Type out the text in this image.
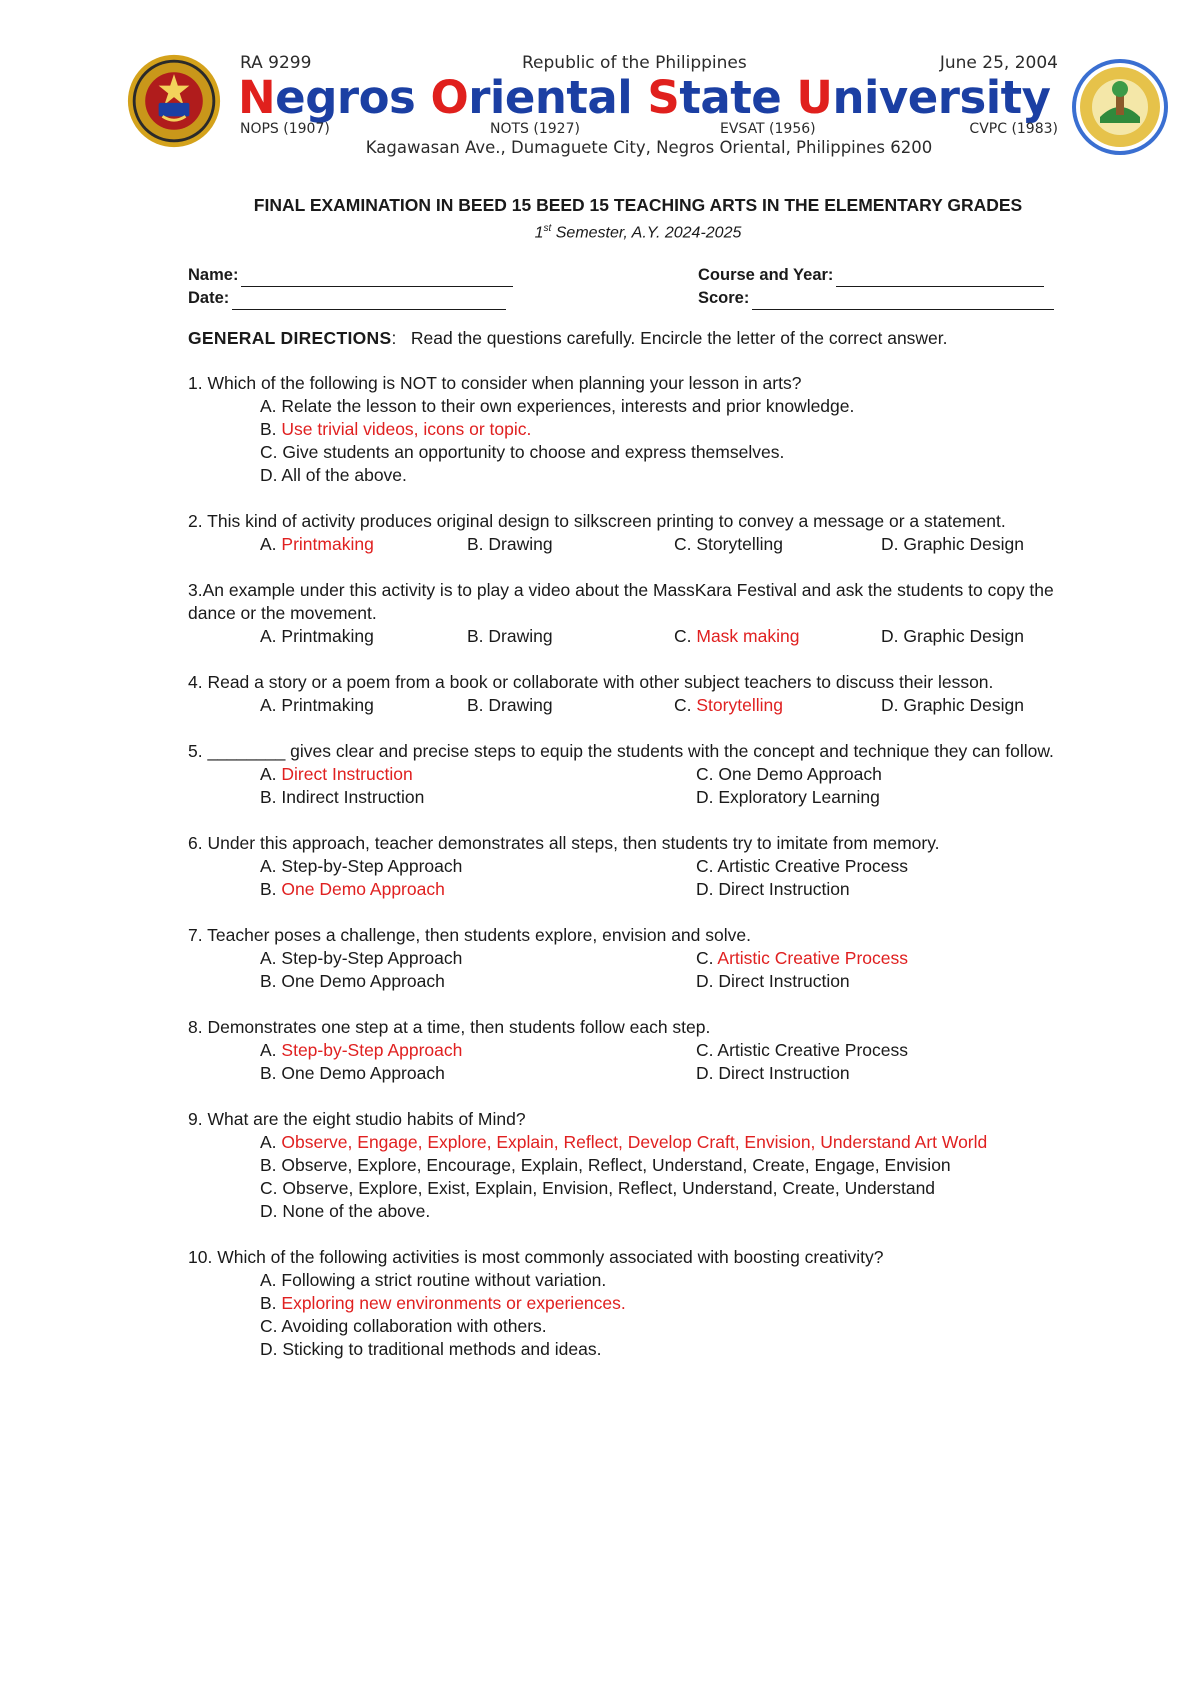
RA 9299	Republic of the Philippines	June 25, 2004
Negros Oriental State University
NOPS (1907)	NOTS (1927)	EVSAT (1956)	CVPC (1983)
Kagawasan Ave., Dumaguete City, Negros Oriental, Philippines 6200

FINAL EXAMINATION IN BEED 15 BEED 15 TEACHING ARTS IN THE ELEMENTARY GRADES

1st Semester, A.Y. 2024-2025

Name:
Date:
Course and Year:
Score:

GENERAL DIRECTIONS: Read the questions carefully. Encircle the letter of the correct answer.

1. Which of the following is NOT to consider when planning your lesson in arts?

A. Relate the lesson to their own experiences, interests and prior knowledge.

B. Use trivial videos, icons or topic.

C. Give students an opportunity to choose and express themselves.

D. All of the above.

2. This kind of activity produces original design to silkscreen printing to convey a message or a statement.

A. Printmaking	B. Drawing	C. Storytelling	D. Graphic Design

3.An example under this activity is to play a video about the MassKara Festival and ask the students to copy the dance or the movement.

A. Printmaking	B. Drawing	C. Mask making	D. Graphic Design

4. Read a story or a poem from a book or collaborate with other subject teachers to discuss their lesson.

A. Printmaking	B. Drawing	C. Storytelling	D. Graphic Design

5. ________ gives clear and precise steps to equip the students with the concept and technique they can follow.

A. Direct Instruction	C. One Demo Approach
B. Indirect Instruction	D. Exploratory Learning

6. Under this approach, teacher demonstrates all steps, then students try to imitate from memory.

A. Step-by-Step Approach	C. Artistic Creative Process
B. One Demo Approach	D. Direct Instruction

7. Teacher poses a challenge, then students explore, envision and solve.

A. Step-by-Step Approach	C. Artistic Creative Process
B. One Demo Approach	D. Direct Instruction

8. Demonstrates one step at a time, then students follow each step.

A. Step-by-Step Approach	C. Artistic Creative Process
B. One Demo Approach	D. Direct Instruction

9. What are the eight studio habits of Mind?

A. Observe, Engage, Explore, Explain, Reflect, Develop Craft, Envision, Understand Art World

B. Observe, Explore, Encourage, Explain, Reflect, Understand, Create, Engage, Envision

C. Observe, Explore, Exist, Explain, Envision, Reflect, Understand, Create, Understand

D. None of the above.

10. Which of the following activities is most commonly associated with boosting creativity?

A. Following a strict routine without variation.

B. Exploring new environments or experiences.

C. Avoiding collaboration with others.

D. Sticking to traditional methods and ideas.
